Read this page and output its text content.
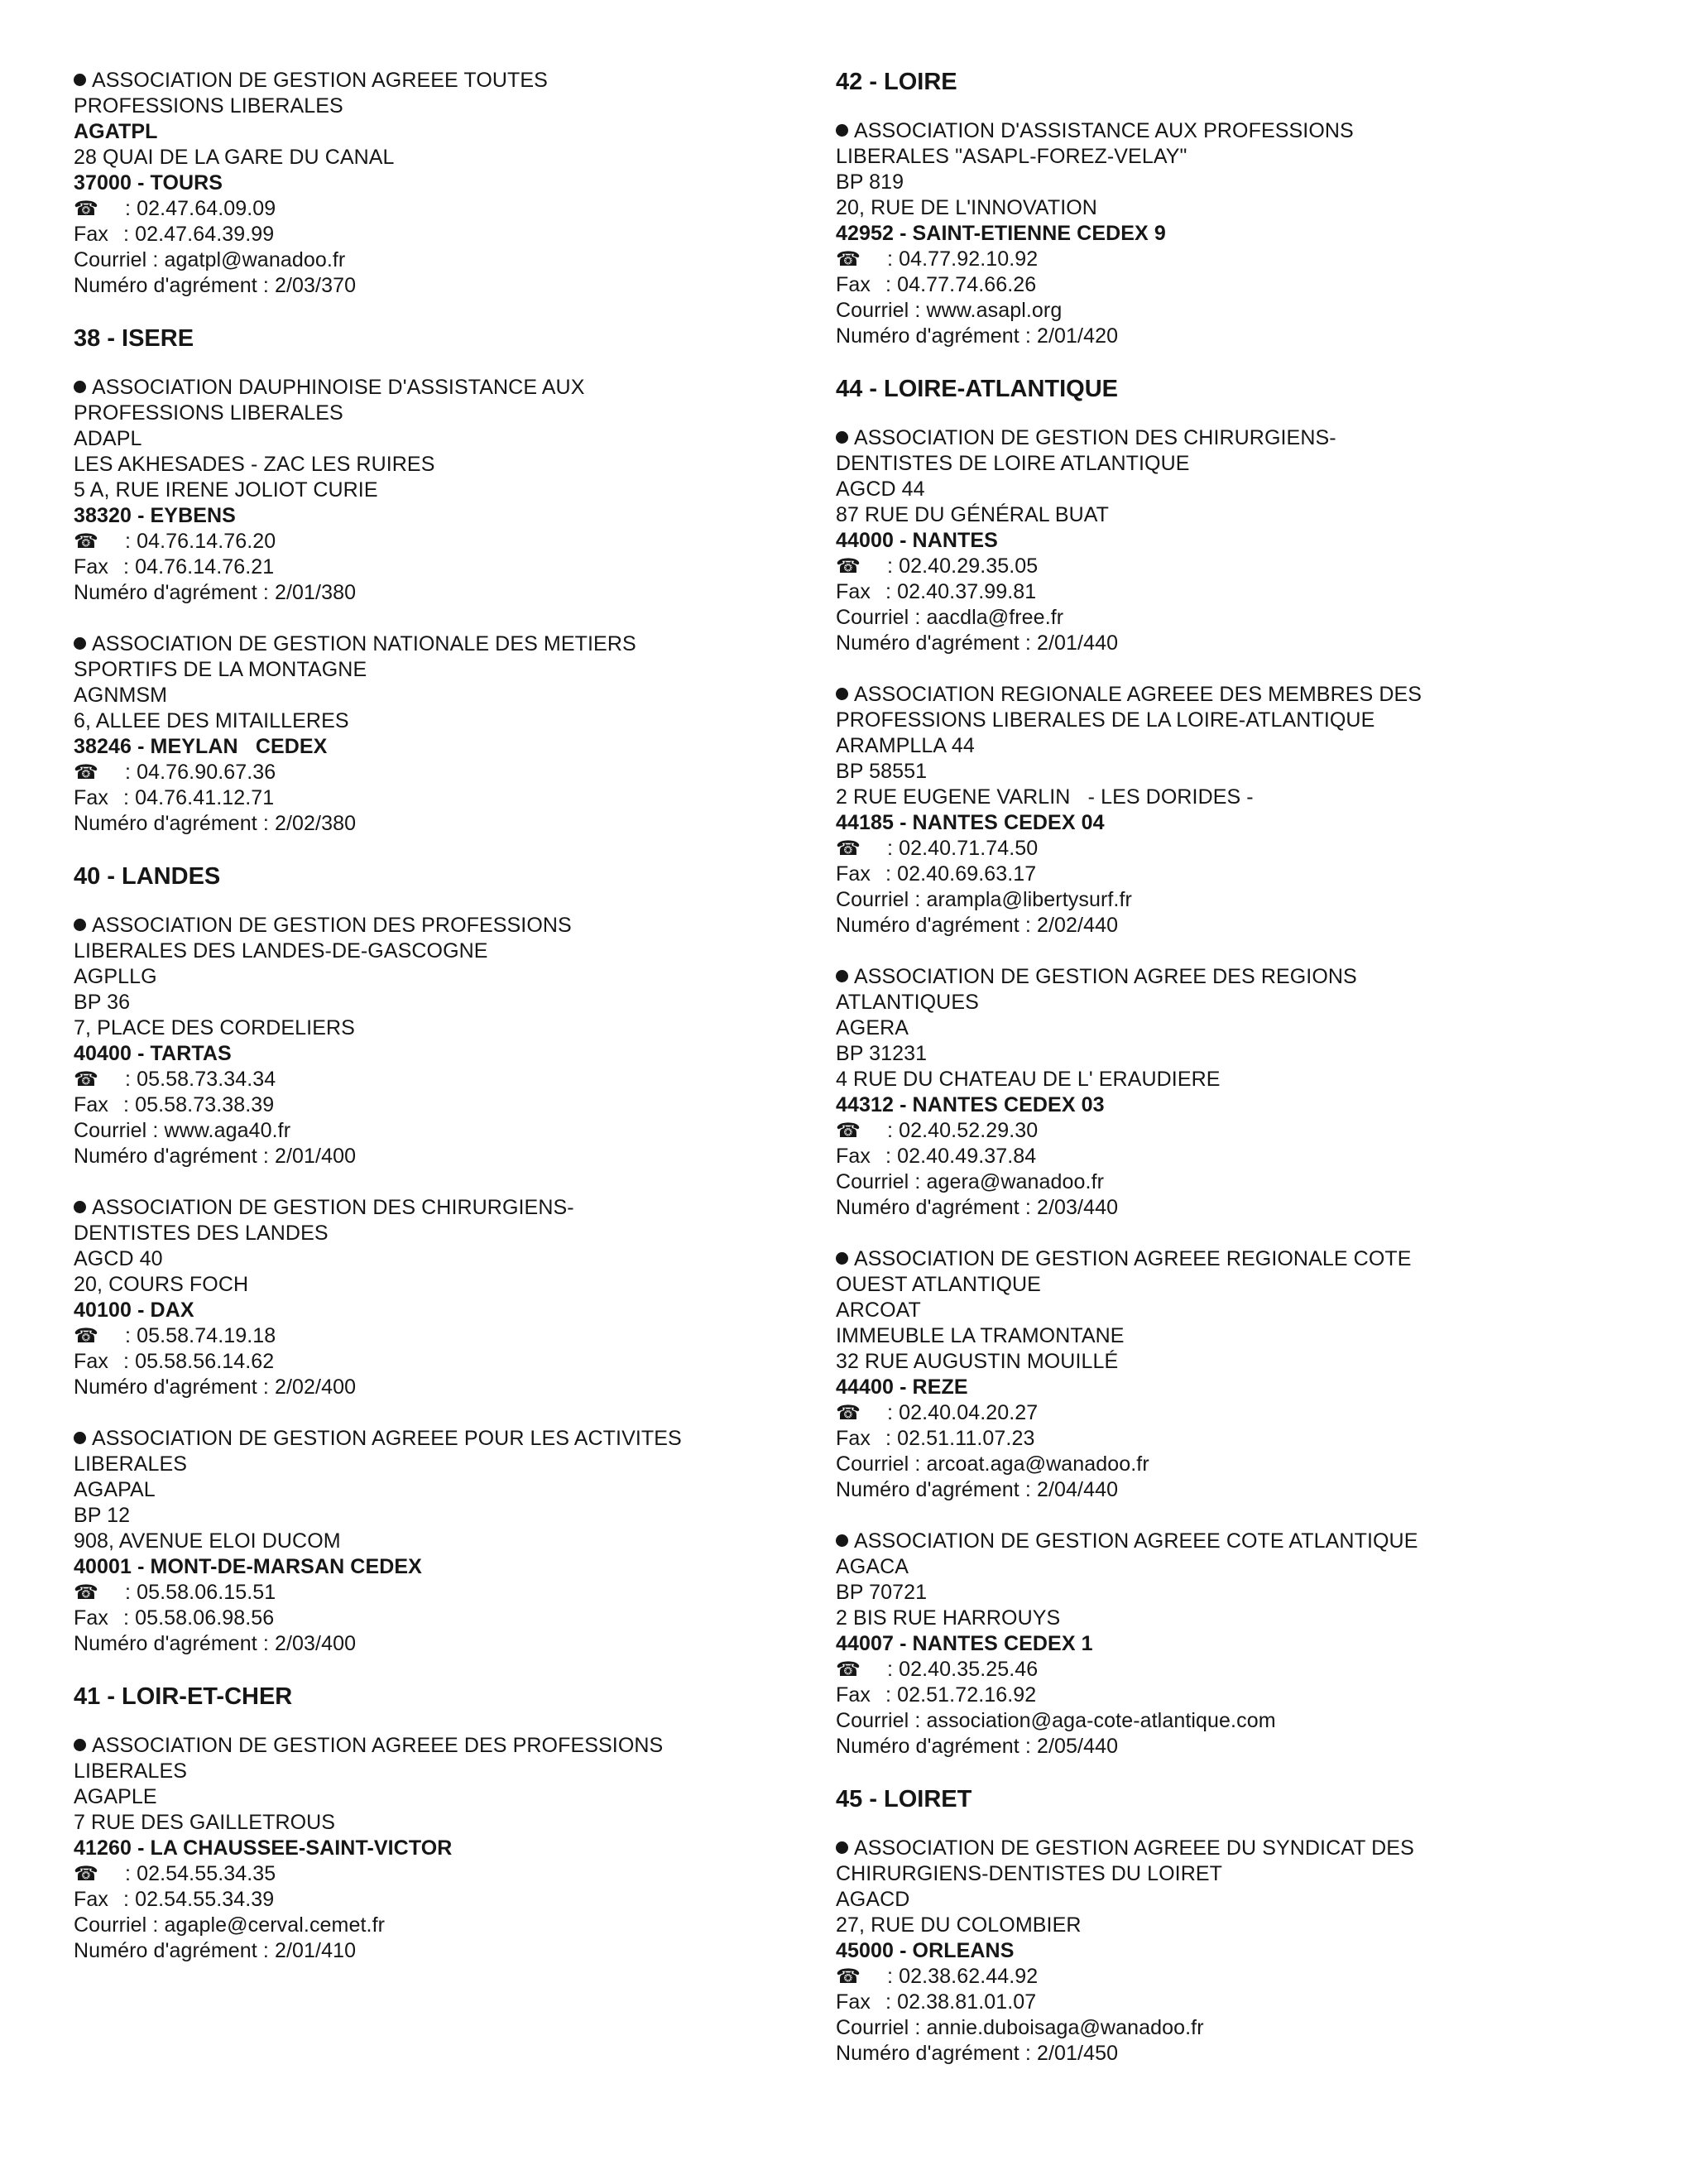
ASSOCIATION DE GESTION AGREEE TOUTES
PROFESSIONS LIBERALES
AGATPL
28 QUAI DE LA GARE DU CANAL
37000 - TOURS
☎ : 02.47.64.09.09
Fax : 02.47.64.39.99
Courriel : agatpl@wanadoo.fr
Numéro d'agrément : 2/03/370
38 - ISERE
ASSOCIATION DAUPHINOISE D'ASSISTANCE AUX
PROFESSIONS LIBERALES
ADAPL
LES AKHESADES - ZAC LES RUIRES
5 A, RUE IRENE JOLIOT CURIE
38320 - EYBENS
☎ : 04.76.14.76.20
Fax : 04.76.14.76.21
Numéro d'agrément : 2/01/380
ASSOCIATION DE GESTION NATIONALE DES METIERS
SPORTIFS DE LA MONTAGNE
AGNMSM
6, ALLEE DES MITAILLERES
38246 - MEYLAN   CEDEX
☎ : 04.76.90.67.36
Fax : 04.76.41.12.71
Numéro d'agrément : 2/02/380
40 - LANDES
ASSOCIATION DE GESTION DES PROFESSIONS
LIBERALES DES LANDES-DE-GASCOGNE
AGPLLG
BP 36
7, PLACE DES CORDELIERS
40400 - TARTAS
☎ : 05.58.73.34.34
Fax : 05.58.73.38.39
Courriel : www.aga40.fr
Numéro d'agrément : 2/01/400
ASSOCIATION DE GESTION DES CHIRURGIENS-
DENTISTES DES LANDES
AGCD 40
20, COURS FOCH
40100 - DAX
☎ : 05.58.74.19.18
Fax : 05.58.56.14.62
Numéro d'agrément : 2/02/400
ASSOCIATION DE GESTION AGREEE POUR LES ACTIVITES
LIBERALES
AGAPAL
BP 12
908, AVENUE ELOI DUCOM
40001 - MONT-DE-MARSAN CEDEX
☎ : 05.58.06.15.51
Fax : 05.58.06.98.56
Numéro d'agrément : 2/03/400
41 - LOIR-ET-CHER
ASSOCIATION DE GESTION AGREEE DES PROFESSIONS
LIBERALES
AGAPLE
7 RUE DES GAILLETROUS
41260 - LA CHAUSSEE-SAINT-VICTOR
☎ : 02.54.55.34.35
Fax : 02.54.55.34.39
Courriel : agaple@cerval.cemet.fr
Numéro d'agrément : 2/01/410
42 - LOIRE
ASSOCIATION D'ASSISTANCE AUX PROFESSIONS
LIBERALES "ASAPL-FOREZ-VELAY"
BP 819
20, RUE DE L'INNOVATION
42952 - SAINT-ETIENNE CEDEX 9
☎ : 04.77.92.10.92
Fax : 04.77.74.66.26
Courriel : www.asapl.org
Numéro d'agrément : 2/01/420
44 - LOIRE-ATLANTIQUE
ASSOCIATION DE GESTION DES CHIRURGIENS-
DENTISTES DE LOIRE ATLANTIQUE
AGCD 44
87 RUE DU GÉNÉRAL BUAT
44000 - NANTES
☎ : 02.40.29.35.05
Fax : 02.40.37.99.81
Courriel : aacdla@free.fr
Numéro d'agrément : 2/01/440
ASSOCIATION REGIONALE AGREEE DES MEMBRES DES
PROFESSIONS LIBERALES DE LA LOIRE-ATLANTIQUE
ARAMPLLA 44
BP 58551
2 RUE EUGENE VARLIN   - LES DORIDES -
44185 - NANTES CEDEX 04
☎ : 02.40.71.74.50
Fax : 02.40.69.63.17
Courriel : arampla@libertysurf.fr
Numéro d'agrément : 2/02/440
ASSOCIATION DE GESTION AGREE DES REGIONS
ATLANTIQUES
AGERA
BP 31231
4 RUE DU CHATEAU DE L' ERAUDIERE
44312 - NANTES CEDEX 03
☎ : 02.40.52.29.30
Fax : 02.40.49.37.84
Courriel : agera@wanadoo.fr
Numéro d'agrément : 2/03/440
ASSOCIATION DE GESTION AGREEE REGIONALE COTE
OUEST ATLANTIQUE
ARCOAT
IMMEUBLE LA TRAMONTANE
32 RUE AUGUSTIN MOUILLÉ
44400 - REZE
☎ : 02.40.04.20.27
Fax : 02.51.11.07.23
Courriel : arcoat.aga@wanadoo.fr
Numéro d'agrément : 2/04/440
ASSOCIATION DE GESTION AGREEE COTE ATLANTIQUE
AGACA
BP 70721
2 BIS RUE HARROUYS
44007 - NANTES CEDEX 1
☎ : 02.40.35.25.46
Fax : 02.51.72.16.92
Courriel : association@aga-cote-atlantique.com
Numéro d'agrément : 2/05/440
45 - LOIRET
ASSOCIATION DE GESTION AGREEE DU SYNDICAT DES
CHIRURGIENS-DENTISTES DU LOIRET
AGACD
27, RUE DU COLOMBIER
45000 - ORLEANS
☎ : 02.38.62.44.92
Fax : 02.38.81.01.07
Courriel : annie.duboisaga@wanadoo.fr
Numéro d'agrément : 2/01/450
